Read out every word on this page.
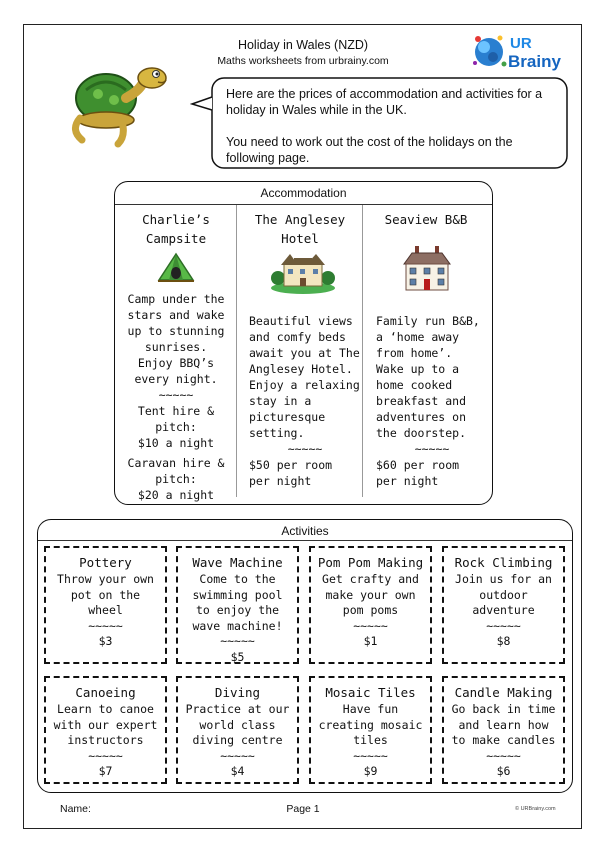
Holiday in Wales (NZD)
Maths worksheets from urbrainy.com
UR
Brainy

Here are the prices of accommodation and activities for a holiday in Wales while in the UK.

You need to work out the cost of the holidays on the following page.

Accommodation
Charlie’s Campsite
Camp under the
stars and wake
up to stunning
sunrises.
Enjoy BBQ’s
every night.
~~~~~
Tent hire &
pitch:
$10 a night
Caravan hire &
pitch:
$20 a night
The Anglesey Hotel
Beautiful views
and comfy beds
await you at The
Anglesey Hotel.
Enjoy a relaxing
stay in a
picturesque
setting.
~~~~~
$50 per room
per night
Seaview B&B
Family run B&B,
a ‘home away
from home’.
Wake up to a
home cooked
breakfast and
adventures on
the doorstep.
~~~~~
$60 per room
per night
Activities
Pottery
Throw your own
pot on the
wheel
~~~~~
$3
Wave Machine
Come to the
swimming pool
to enjoy the
wave machine!
~~~~~
$5
Pom Pom Making
Get crafty and
make your own
pom poms
~~~~~
$1
Rock Climbing
Join us for an
outdoor
adventure
~~~~~
$8
Canoeing
Learn to canoe
with our expert
instructors
~~~~~
$7
Diving
Practice at our
world class
diving centre
~~~~~
$4
Mosaic Tiles
Have fun
creating mosaic
tiles
~~~~~
$9
Candle Making
Go back in time
and learn how
to make candles
~~~~~
$6
Name:	Page 1	© URBrainy.com
